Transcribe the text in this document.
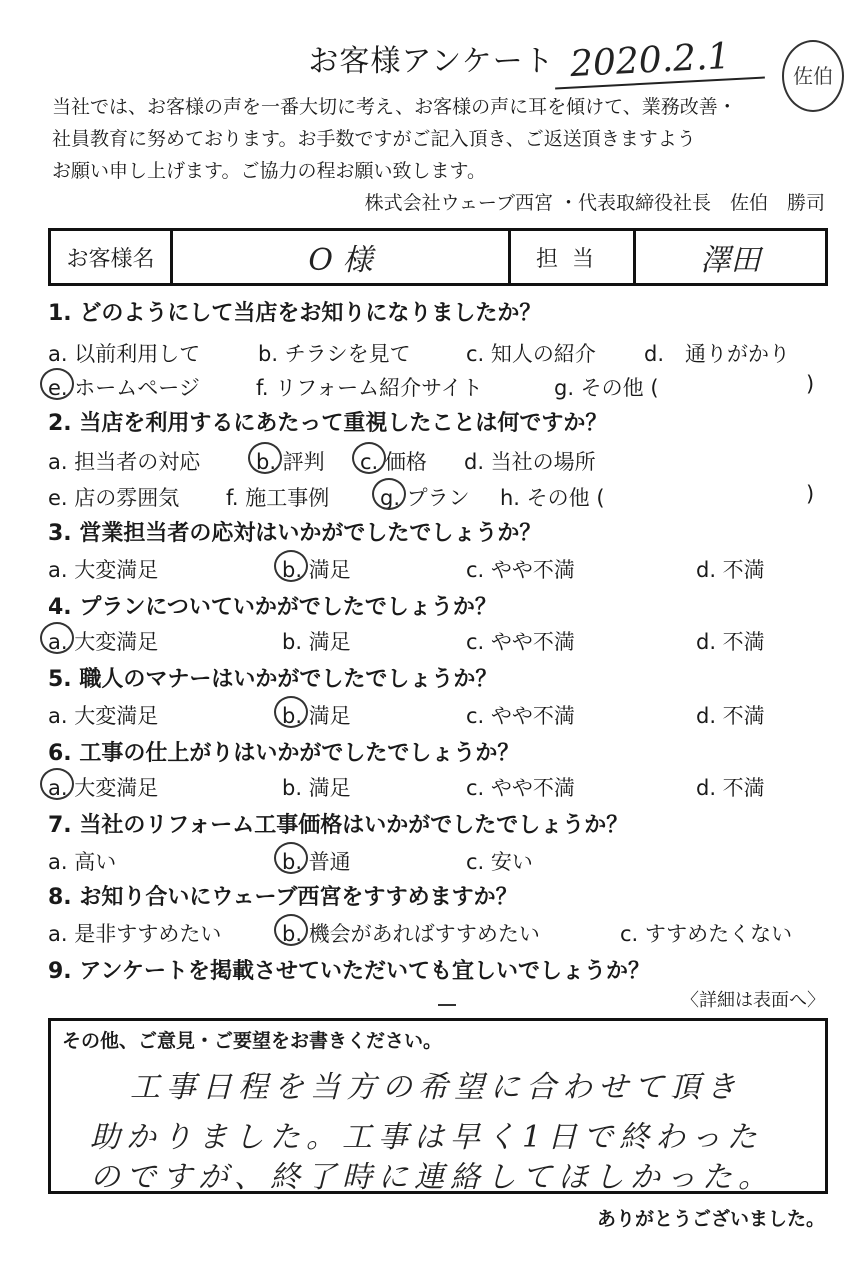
お客様アンケート 2020.2.1	佐伯
当社では、お客様の声を一番大切に考え、お客様の声に耳を傾けて、業務改善・
社員教育に努めております。お手数ですがご記入頂き、ご返送頂きますよう
お願い申し上げます。ご協力の程お願い致します。
株式会社ウェーブ西宮 ・代表取締役社長　佐伯　勝司
お客様名	O 様	担当	澤田
1. どのようにして当店をお知りになりましたか？
a. 以前利用して	b. チラシを見て	c. 知人の紹介 d.　通りがかり
e. ホームページ	f. リフォーム紹介サイト	g. その他 (	)
2. 当店を利用するにあたって重視したことは何ですか？
a. 担当者の対応	b. 評判 c. 価格 d. 当社の場所
e. 店の雰囲気 f. 施工事例 g. プラン h. その他 (	)
3. 営業担当者の応対はいかがでしたでしょうか？
a. 大変満足	b. 満足	c. やや不満	d. 不満
4. プランについていかがでしたでしょうか？
a. 大変満足	b. 満足	c. やや不満	d. 不満
5. 職人のマナーはいかがでしたでしょうか？
a. 大変満足	b. 満足	c. やや不満	d. 不満
6. 工事の仕上がりはいかがでしたでしょうか？
a. 大変満足	b. 満足	c. やや不満	d. 不満
7. 当社のリフォーム工事価格はいかがでしたでしょうか？
a. 高い	b. 普通	c. 安い
8. お知り合いにウェーブ西宮をすすめますか？
a. 是非すすめたい	b. 機会があればすすめたい	c. すすめたくない
9. アンケートを掲載させていただいても宜しいでしょうか？
〈詳細は表面へ〉
その他、ご意見・ご要望をお書きください。
工事日程を当方の希望に合わせて頂き
助かりました。工事は早く1日で終わった
のですが、終了時に連絡してほしかった。
ありがとうございました。
